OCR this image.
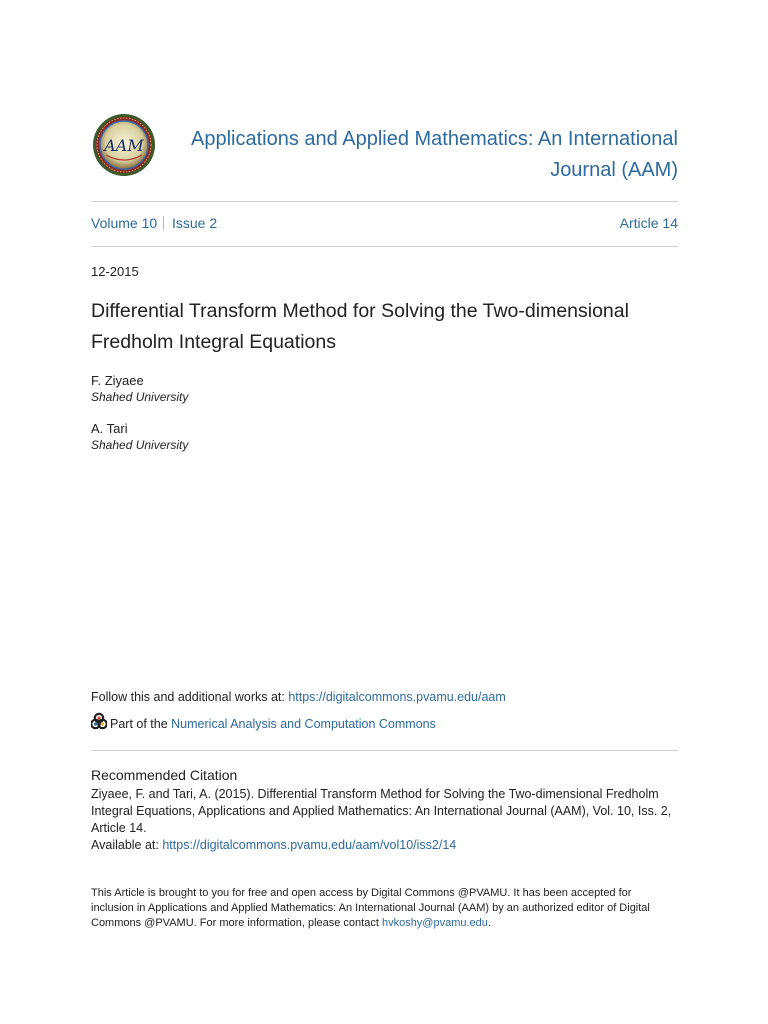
AAM	Applications and Applied Mathematics: An International Journal (AAM)
Volume 10 Issue 2	Article 14
12-2015
Differential Transform Method for Solving the Two-dimensional Fredholm Integral Equations
F. Ziyaee
Shahed University
A. Tari
Shahed University
Follow this and additional works at: https://digitalcommons.pvamu.edu/aam
Part of the Numerical Analysis and Computation Commons
Recommended Citation
Ziyaee, F. and Tari, A. (2015). Differential Transform Method for Solving the Two-dimensional Fredholm Integral Equations, Applications and Applied Mathematics: An International Journal (AAM), Vol. 10, Iss. 2, Article 14.
Available at: https://digitalcommons.pvamu.edu/aam/vol10/iss2/14
This Article is brought to you for free and open access by Digital Commons @PVAMU. It has been accepted for inclusion in Applications and Applied Mathematics: An International Journal (AAM) by an authorized editor of Digital Commons @PVAMU. For more information, please contact hvkoshy@pvamu.edu.
